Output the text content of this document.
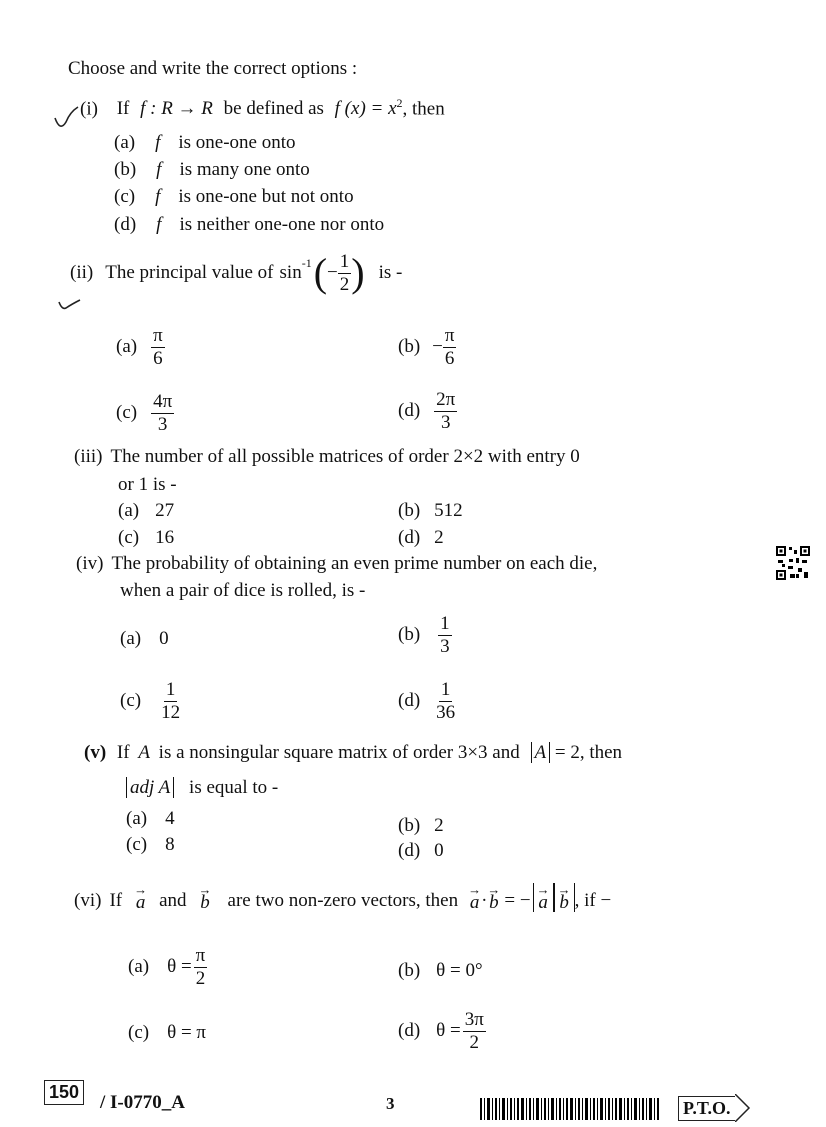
Choose and write the correct options :
(i) If f : R → R be defined as f $(x) = x^2$, then
(a) f is one-one onto
(b) f is many one onto
(c) f is one-one but not onto
(d) f is neither one-one nor onto
(ii) The principal value of $\sin^{-1}$ ( − $\frac{1}{2}$ ) is -
$(a) \frac{\pi}{6}$	$(b) - \frac{\pi}{6}$
$(c) \frac{4\pi}{3}$	$(d) \frac{2\pi}{3}$
(iii) The number of all possible matrices of order 2×2 with entry 0
or 1 is -
(a) 27	(b) 512
(c) 16	(d) 2
(iv) The probability of obtaining an even prime number on each die,
when a pair of dice is rolled, is -
(a) 0	$(b) \frac{1}{3}$
$(c) \frac{1}{12}$	$(d) \frac{1}{36}$
(v) If A is a nonsingular square matrix of order 3×3 and A = 2, then
adj A is equal to -
(a) 4	(b) 2
(c) 8	(d) 0
(vi) If
→
a and
→
b are two non-zero vectors, then
→
a ·
→
b = −
→
a
→
b , if −
(a) $\theta = \frac{\pi}{2}$	(b) θ = 0°
(c) θ = π	(d) $\theta = \frac{3\pi}{2}$
150 / I-0770_A	3	P.T.O.
